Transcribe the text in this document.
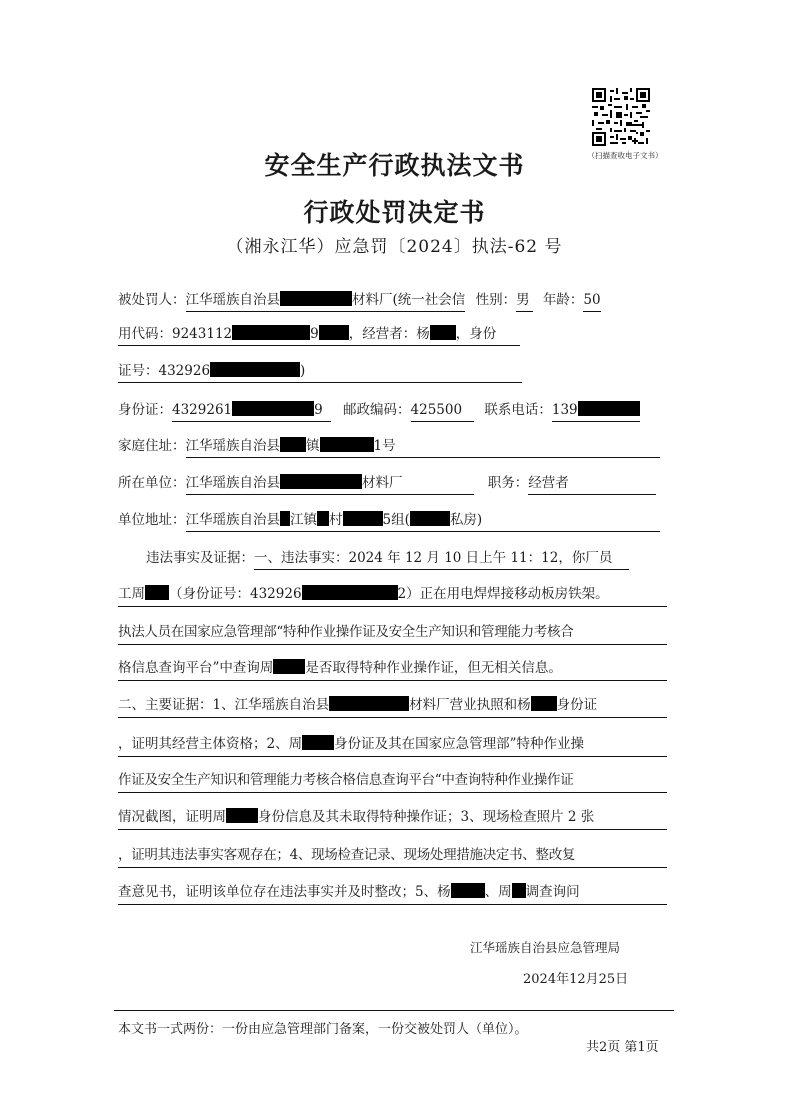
（扫描查收电子文书）
安全生产行政执法文书
行政处罚决定书
（湘永江华）应急罚〔2024〕执法-62 号
被处罚人：江华瑶族自治县	材料厂(统一社会信 性别：男 年龄：50
用代码：9243112	9 ，经营者：杨 ，身份
证号：432926	)
身份证：4329261	9 邮政编码：425500 联系电话：139
家庭住址：江华瑶族自治县 镇	1号
所在单位：江华瑶族自治县	材料厂	职务：经营者
单位地址：江华瑶族自治县 江镇 村	5组(	私房)
违法事实及证据：一、违法事实：2024 年 12 月 10 日上午 11：12，你厂员
工周 （身份证号：432926	2）正在用电焊焊接移动板房铁架。
执法人员在国家应急管理部“特种作业操作证及安全生产知识和管理能力考核合
格信息查询平台”中查询周 是否取得特种作业操作证，但无相关信息。
二、主要证据：1、江华瑶族自治县	材料厂营业执照和杨 身份证
，证明其经营主体资格；2、周 身份证及其在国家应急管理部”特种作业操
作证及安全生产知识和管理能力考核合格信息查询平台“中查询特种作业操作证
情况截图，证明周 身份信息及其未取得特种操作证；3、现场检查照片 2 张
，证明其违法事实客观存在；4、现场检查记录、现场处理措施决定书、整改复
查意见书，证明该单位存在违法事实并及时整改；5、杨	、周 调查询问
江华瑶族自治县应急管理局
2024年12月25日
本文书一式两份：一份由应急管理部门备案，一份交被处罚人（单位）。
共2页 第1页
